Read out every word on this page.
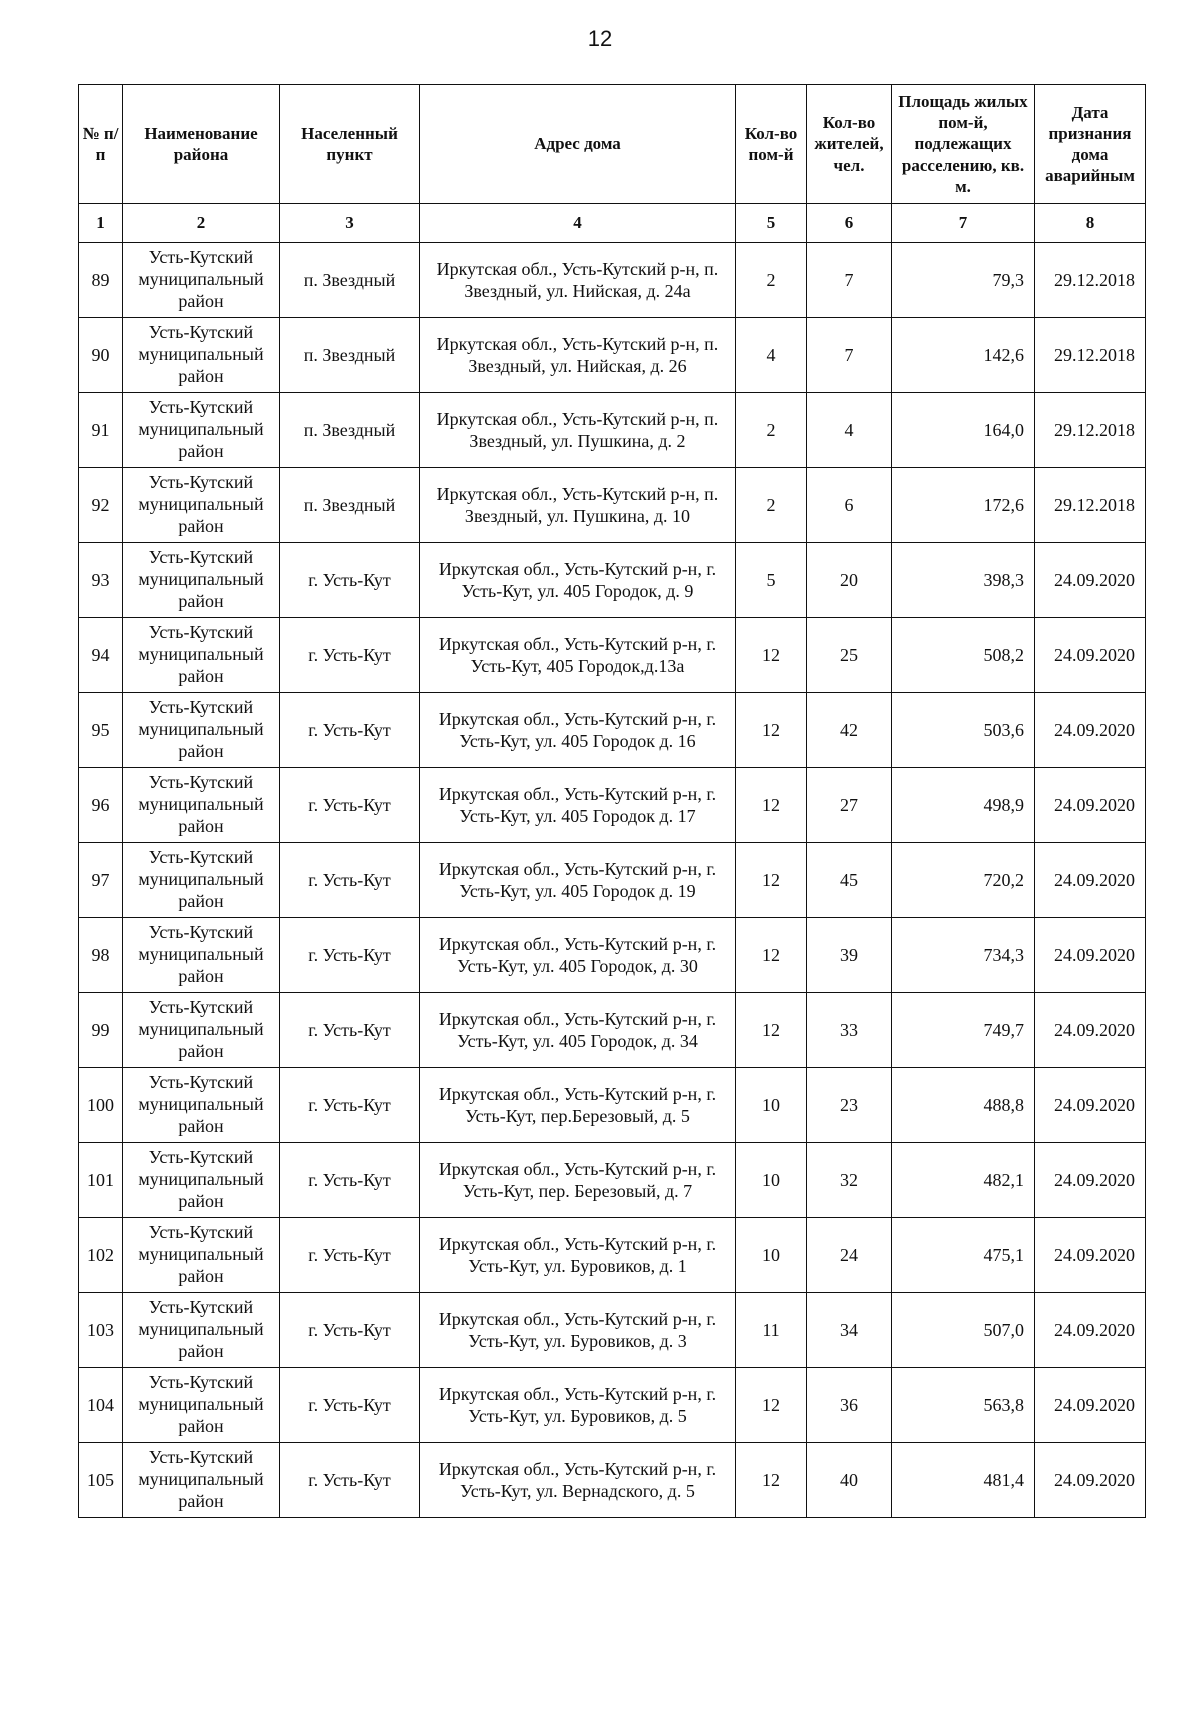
12
№ п/п	Наименование района	Населенный пункт	Адрес дома	Кол-во пом-й	Кол-во жителей, чел.	Площадь жилых пом-й, подлежащих расселению, кв. м.	Дата признания дома аварийным
1	2	3	4	5	6	7	8
89	Усть-Кутский муниципальный район	п. Звездный	Иркутская обл., Усть-Кутский р-н, п. Звездный, ул. Нийская, д. 24а	2	7	79,3	29.12.2018
90	Усть-Кутский муниципальный район	п. Звездный	Иркутская обл., Усть-Кутский р-н, п. Звездный, ул. Нийская, д. 26	4	7	142,6	29.12.2018
91	Усть-Кутский муниципальный район	п. Звездный	Иркутская обл., Усть-Кутский р-н, п. Звездный, ул. Пушкина, д. 2	2	4	164,0	29.12.2018
92	Усть-Кутский муниципальный район	п. Звездный	Иркутская обл., Усть-Кутский р-н, п. Звездный, ул. Пушкина, д. 10	2	6	172,6	29.12.2018
93	Усть-Кутский муниципальный район	г. Усть-Кут	Иркутская обл., Усть-Кутский р-н, г. Усть-Кут, ул. 405 Городок, д. 9	5	20	398,3	24.09.2020
94	Усть-Кутский муниципальный район	г. Усть-Кут	Иркутская обл., Усть-Кутский р-н, г. Усть-Кут, 405 Городок,д.13а	12	25	508,2	24.09.2020
95	Усть-Кутский муниципальный район	г. Усть-Кут	Иркутская обл., Усть-Кутский р-н, г. Усть-Кут, ул. 405 Городок д. 16	12	42	503,6	24.09.2020
96	Усть-Кутский муниципальный район	г. Усть-Кут	Иркутская обл., Усть-Кутский р-н, г. Усть-Кут, ул. 405 Городок д. 17	12	27	498,9	24.09.2020
97	Усть-Кутский муниципальный район	г. Усть-Кут	Иркутская обл., Усть-Кутский р-н, г. Усть-Кут, ул. 405 Городок д. 19	12	45	720,2	24.09.2020
98	Усть-Кутский муниципальный район	г. Усть-Кут	Иркутская обл., Усть-Кутский р-н, г. Усть-Кут, ул. 405 Городок, д. 30	12	39	734,3	24.09.2020
99	Усть-Кутский муниципальный район	г. Усть-Кут	Иркутская обл., Усть-Кутский р-н, г. Усть-Кут, ул. 405 Городок, д. 34	12	33	749,7	24.09.2020
100	Усть-Кутский муниципальный район	г. Усть-Кут	Иркутская обл., Усть-Кутский р-н, г. Усть-Кут, пер.Березовый, д. 5	10	23	488,8	24.09.2020
101	Усть-Кутский муниципальный район	г. Усть-Кут	Иркутская обл., Усть-Кутский р-н, г. Усть-Кут, пер. Березовый, д. 7	10	32	482,1	24.09.2020
102	Усть-Кутский муниципальный район	г. Усть-Кут	Иркутская обл., Усть-Кутский р-н, г. Усть-Кут, ул. Буровиков, д. 1	10	24	475,1	24.09.2020
103	Усть-Кутский муниципальный район	г. Усть-Кут	Иркутская обл., Усть-Кутский р-н, г. Усть-Кут, ул. Буровиков, д. 3	11	34	507,0	24.09.2020
104	Усть-Кутский муниципальный район	г. Усть-Кут	Иркутская обл., Усть-Кутский р-н, г. Усть-Кут, ул. Буровиков, д. 5	12	36	563,8	24.09.2020
105	Усть-Кутский муниципальный район	г. Усть-Кут	Иркутская обл., Усть-Кутский р-н, г. Усть-Кут, ул. Вернадского, д. 5	12	40	481,4	24.09.2020
